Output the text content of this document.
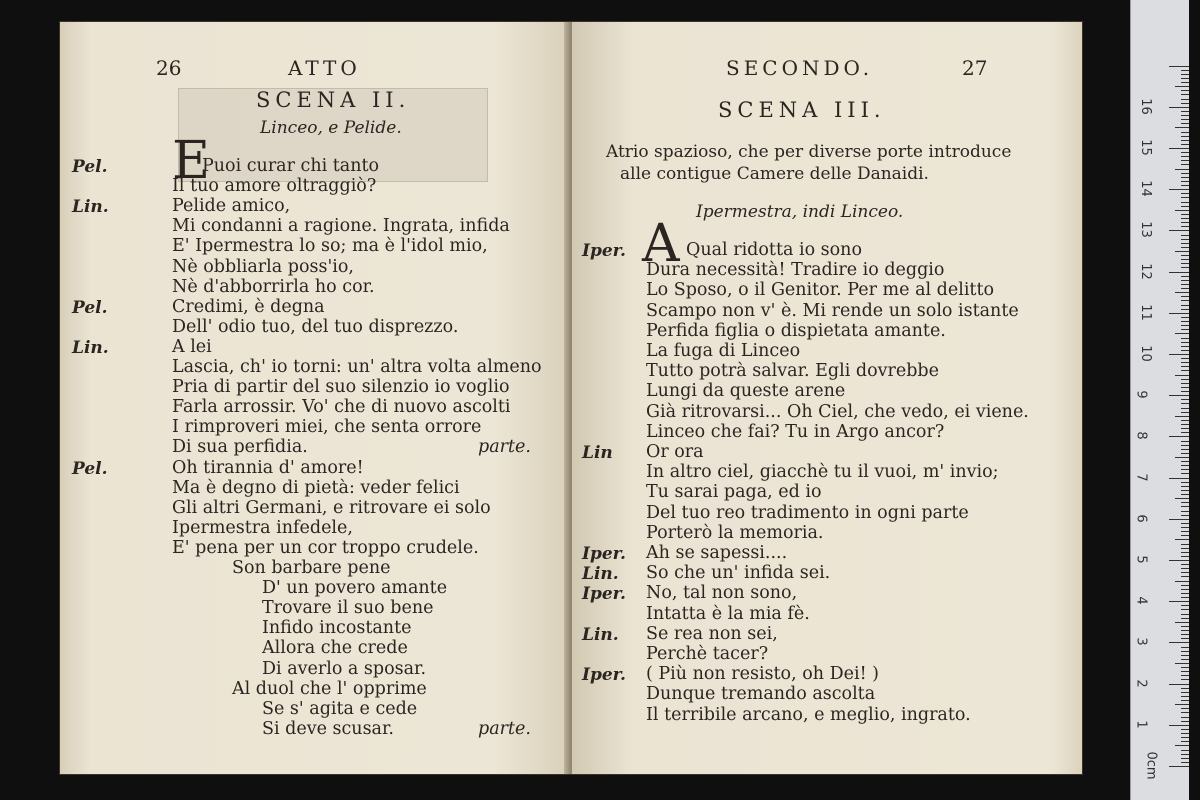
26	ATTO
SCENA II.
Linceo, e Pelide.
E
Pel.	Puoi curar chi tanto
Il tuo amore oltraggiò?
Lin.	Pelide amico,
Mi condanni a ragione. Ingrata, infida
E' Ipermestra lo so; ma è l'idol mio,
Nè obbliarla poss'io,
Nè d'abborrirla ho cor.
Pel.	Credimi, è degna
Dell' odio tuo, del tuo disprezzo.
Lin.	A lei
Lascia, ch' io torni: un' altra volta almeno
Pria di partir del suo silenzio io voglio
Farla arrossir. Vo' che di nuovo ascolti
I rimproveri miei, che senta orrore
Di sua perfidia.	parte.
Pel.	Oh tirannia d' amore!
Ma è degno di pietà: veder felici
Gli altri Germani, e ritrovare ei solo
Ipermestra infedele,
E' pena per un cor troppo crudele.
Son barbare pene
D' un povero amante
Trovare il suo bene
Infido incostante
Allora che crede
Di averlo a sposar.
Al duol che l' opprime
Se s' agita e cede
Si deve scusar.	parte.
SECONDO.	27
SCENA III.
Atrio spazioso, che per diverse porte introduce
alle contigue Camere delle Danaidi.
Ipermestra, indi Linceo.
A
Iper.	Qual ridotta io sono
Dura necessità! Tradire io deggio
Lo Sposo, o il Genitor. Per me al delitto
Scampo non v' è. Mi rende un solo istante
Perfida figlia o dispietata amante.
La fuga di Linceo
Tutto potrà salvar. Egli dovrebbe
Lungi da queste arene
Già ritrovarsi... Oh Ciel, che vedo, ei viene.
Linceo che fai? Tu in Argo ancor?
Lin Or ora
In altro ciel, giacchè tu il vuoi, m' invio;
Tu sarai paga, ed io
Del tuo reo tradimento in ogni parte
Porterò la memoria.
Iper. Ah se sapessi....
Lin. So che un' infida sei.
Iper. No, tal non sono,
Intatta è la mia fè.
Lin. Se rea non sei,
Perchè tacer?
Iper. ( Più non resisto, oh Dei! )
Dunque tremando ascolta
Il terribile arcano, e meglio, ingrato.
0cm
1
2
3
4
5
6
7
8
9
10
11
12
13
14
15
16
